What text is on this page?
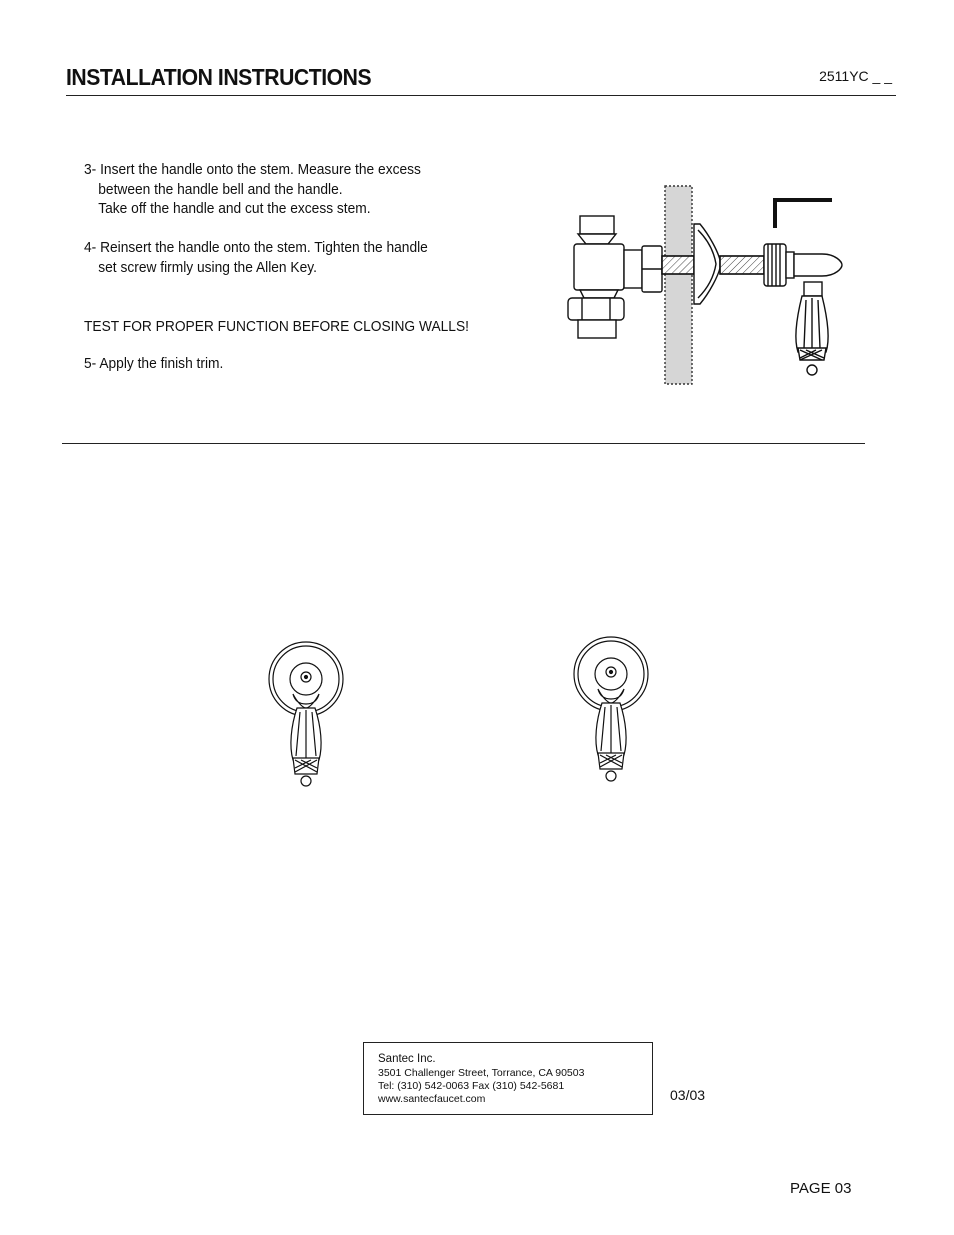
INSTALLATION INSTRUCTIONS	2511YC _ _

3- Insert the handle onto the stem. Measure the excess

between the handle bell and the handle.

Take off the handle and cut the excess stem.

4- Reinsert the handle onto the stem. Tighten the handle

set screw firmly using the Allen Key.

TEST FOR PROPER FUNCTION BEFORE CLOSING WALLS!

5- Apply the finish trim.

Santec Inc.
3501 Challenger Street, Torrance, CA 90503
Tel: (310) 542-0063 Fax (310) 542-5681
www.santecfaucet.com	03/03
PAGE 03
